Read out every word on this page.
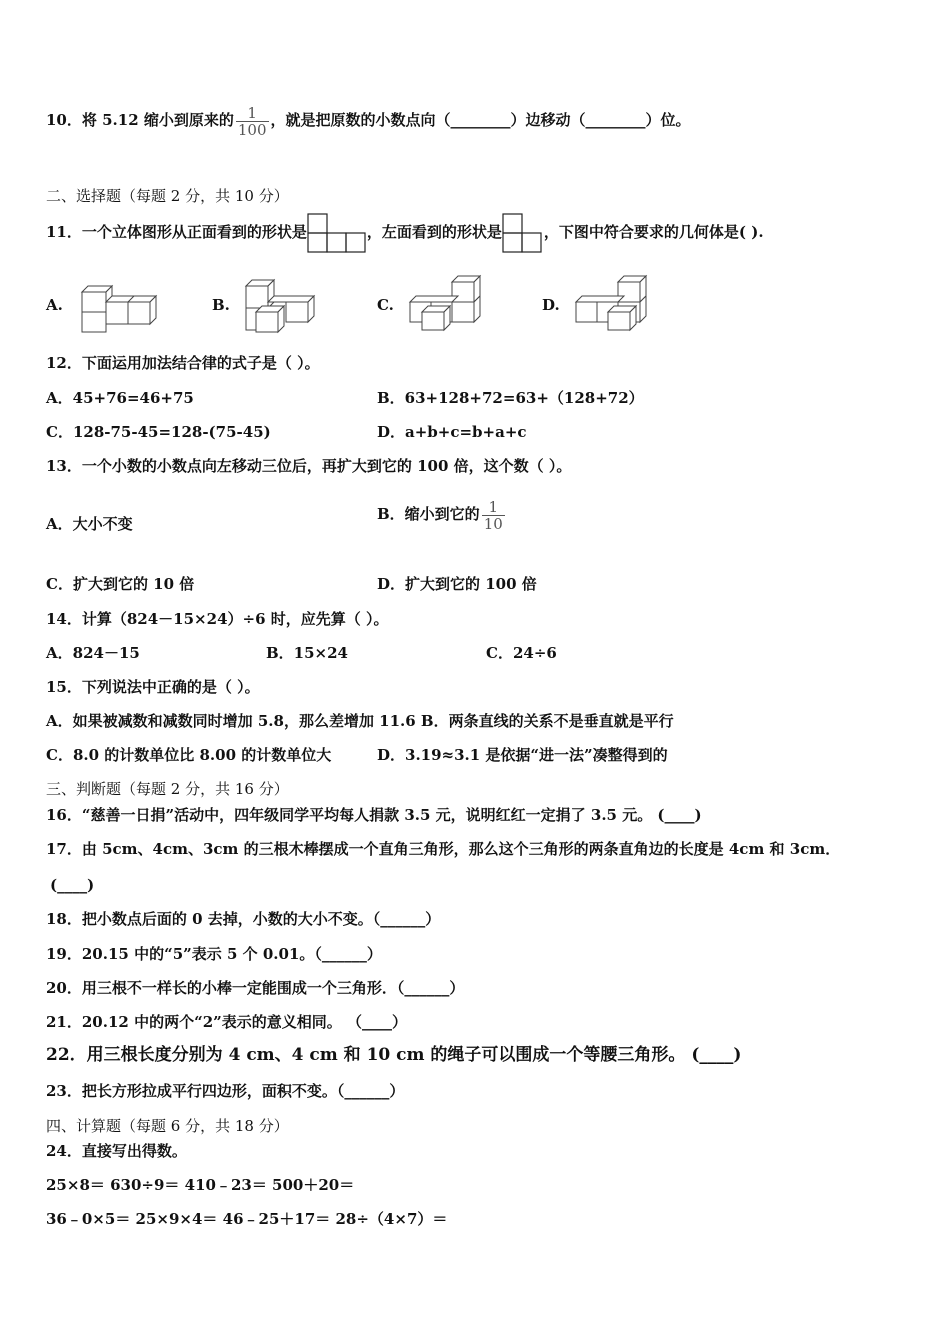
10．将 5.12 缩小到原来的 $\frac{1}{100}$ ，就是把原数的小数点向（________）边移动（________）位。
二、选择题（每题 2 分，共 10 分）
11．一个立体图形从正面看到的形状是	，左面看到的形状是	，下图中符合要求的几何体是( ).
A.	B.	C.	D.
12．下面运用加法结合律的式子是（ ）。
A．45+76=46+75	B．63+128+72=63+（128+72）
C．128-75-45=128-(75-45)	D．a+b+c=b+a+c
13．一个小数的小数点向左移动三位后，再扩大到它的 100 倍，这个数（ ）。
A．大小不变
B．缩小到它的 $\frac{1}{10}$
C．扩大到它的 10 倍	D．扩大到它的 100 倍
14．计算（824－15×24）÷6 时，应先算（ ）。
A．824－15	B．15×24	C．24÷6
15．下列说法中正确的是（ ）。
A．如果被减数和减数同时增加 5.8，那么差增加 11.6 B．两条直线的关系不是垂直就是平行
C．8.0 的计数单位比 8.00 的计数单位大	D．3.19≈3.1 是依据“进一法”凑整得到的
三、判断题（每题 2 分，共 16 分）
16．“慈善一日捐”活动中，四年级同学平均每人捐款 3.5 元，说明红红一定捐了 3.5 元。 (____)
17．由 5cm、4cm、3cm 的三根木棒摆成一个直角三角形，那么这个三角形的两条直角边的长度是 4cm 和 3cm．
(____)
18．把小数点后面的 0 去掉，小数的大小不变。（______）
19．20.15 中的“5”表示 5 个 0.01。（______）
20．用三根不一样长的小棒一定能围成一个三角形．（______）
21．20.12 中的两个“2”表示的意义相同。 （____）
22．用三根长度分别为 4 cm、4 cm 和 10 cm 的绳子可以围成一个等腰三角形。 (____)
23．把长方形拉成平行四边形，面积不变。（______）
四、计算题（每题 6 分，共 18 分）
24．直接写出得数。
25×8＝ 630÷9＝ 410﹣23＝ 500＋20＝
36﹣0×5＝ 25×9×4＝ 46﹣25＋17＝ 28÷（4×7）＝
